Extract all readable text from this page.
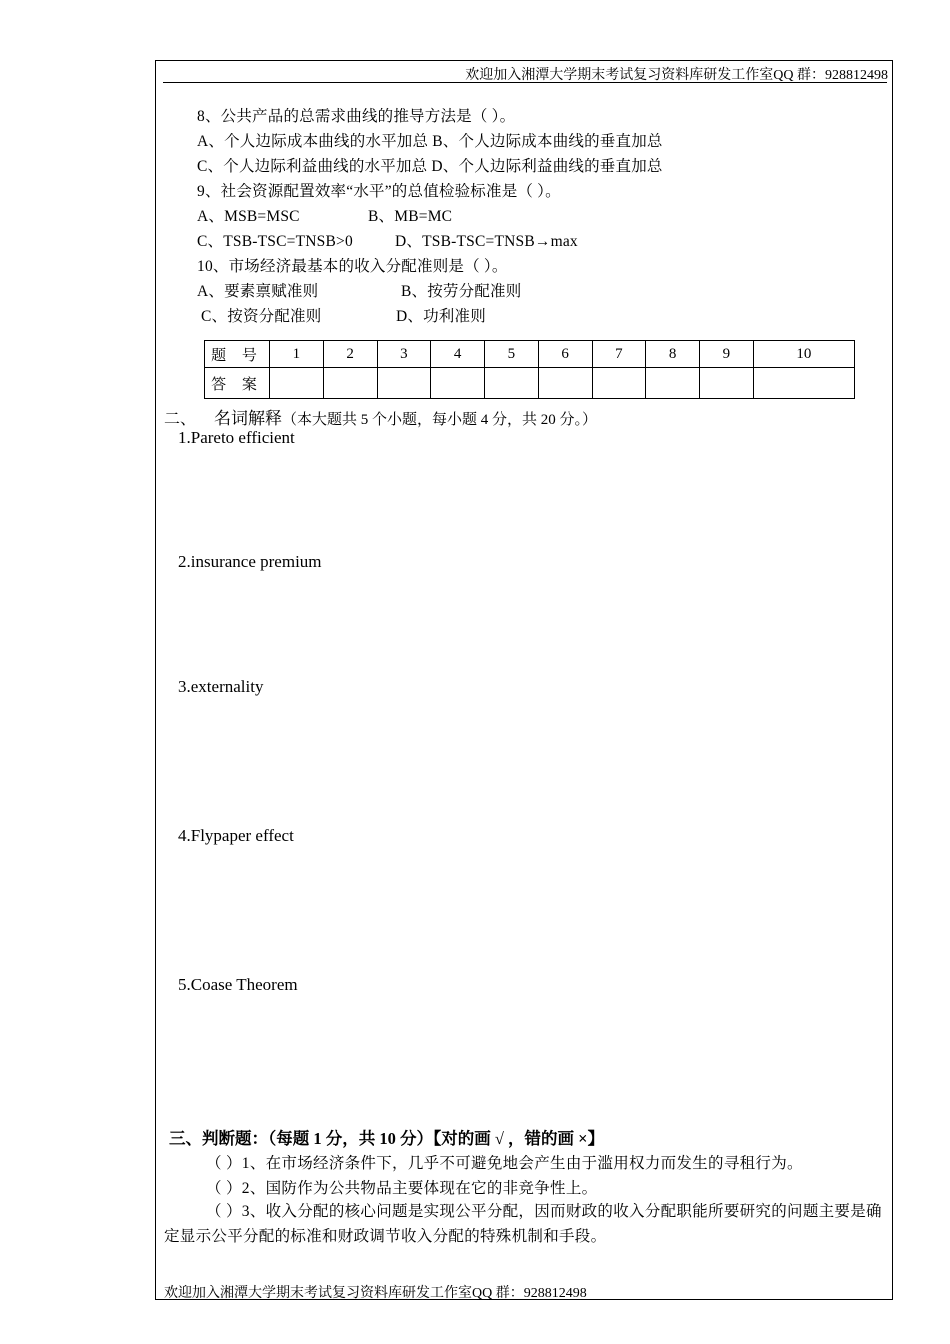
欢迎加入湘潭大学期末考试复习资料库研发工作室QQ 群：928812498
8、公共产品的总需求曲线的推导方法是（ ）。
A、个人边际成本曲线的水平加总 B、个人边际成本曲线的垂直加总
C、个人边际利益曲线的水平加总 D、个人边际利益曲线的垂直加总
9、社会资源配置效率“水平”的总值检验标准是（ ）。
A、MSB=MSC	B、MB=MC
C、TSB-TSC=TNSB>0	D、TSB-TSC=TNSB→max
10、市场经济最基本的收入分配准则是（ ）。
A、要素禀赋准则	B、按劳分配准则
C、按资分配准则	D、功利准则
题 号	1	2	3	4	5	6	7	8	9	10
答 案										
二、 名词解释（本大题共 5 个小题，每小题 4 分，共 20 分。）
1.Pareto efficient
2.insurance premium
3.externality
4.Flypaper effect
5.Coase Theorem
三、判断题：（每题 1 分，共 10 分）【对的画 √ ，错的画 ×】
（ ）1、在市场经济条件下，几乎不可避免地会产生由于滥用权力而发生的寻租行为。
（ ）2、国防作为公共物品主要体现在它的非竞争性上。
（ ）3、收入分配的核心问题是实现公平分配，因而财政的收入分配职能所要研究的问题主要是确定显示公平分配的标准和财政调节收入分配的特殊机制和手段。
欢迎加入湘潭大学期末考试复习资料库研发工作室QQ 群：928812498
